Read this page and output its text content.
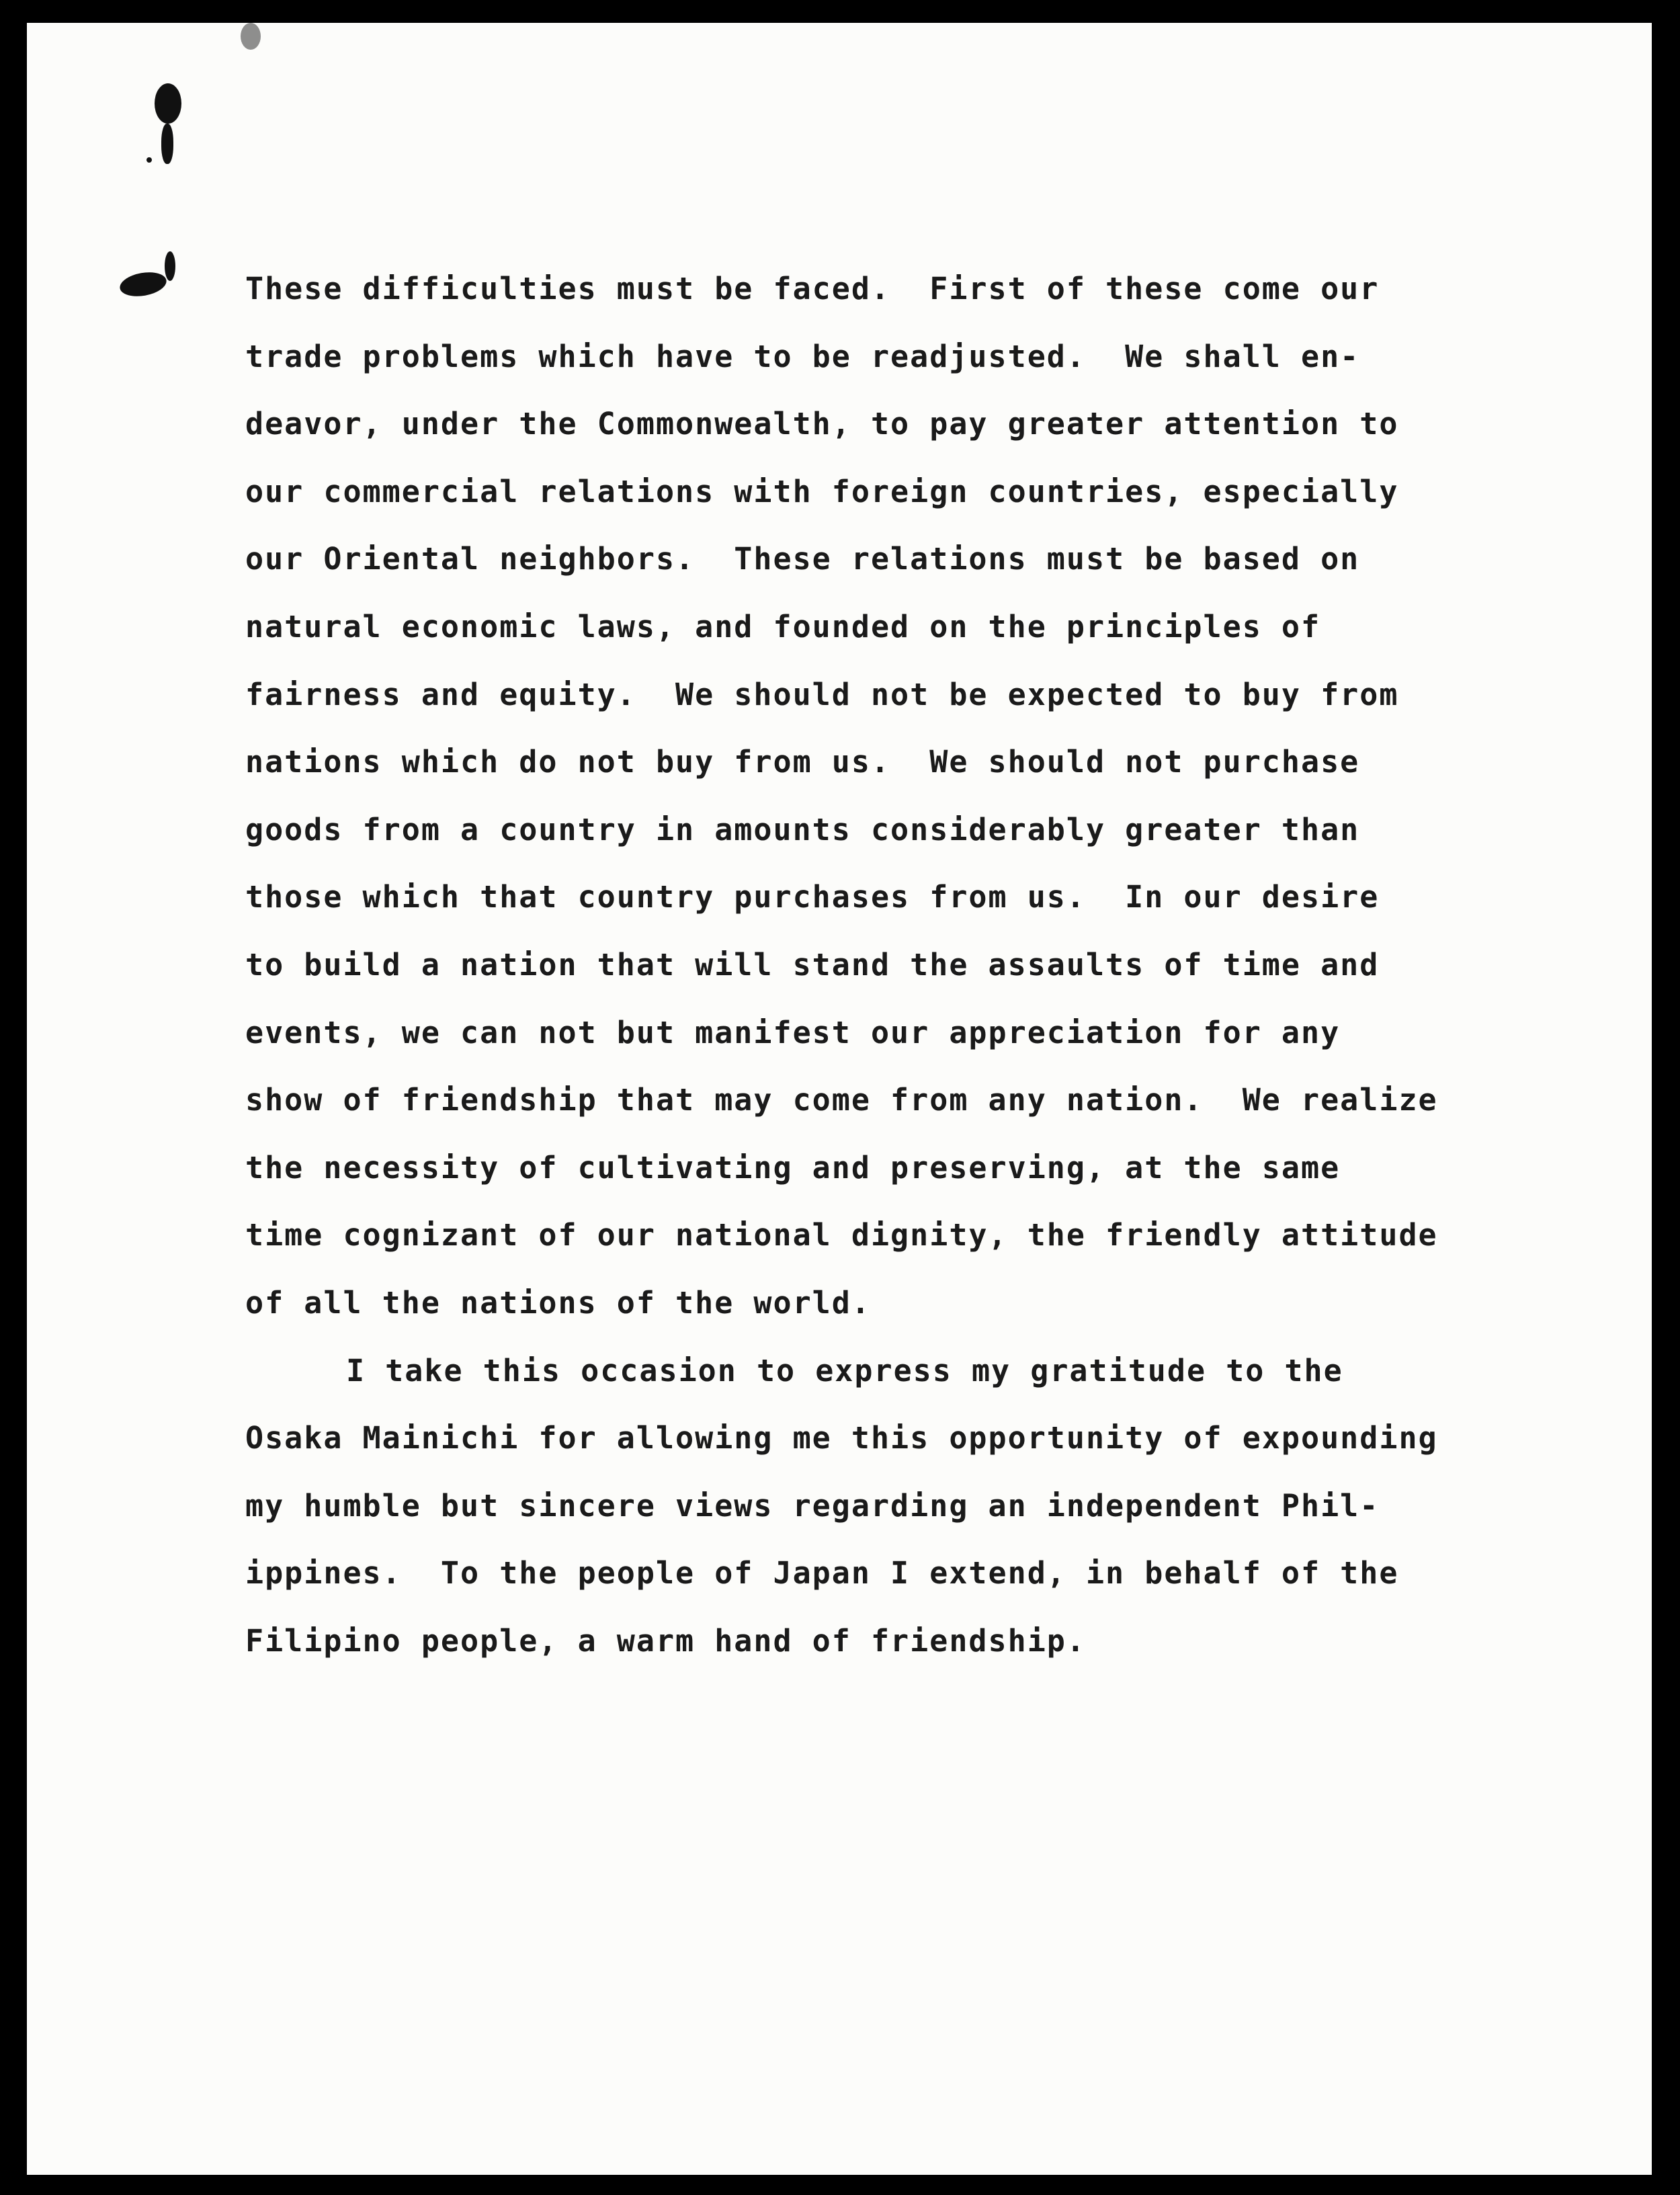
These difficulties must be faced.  First of these come our
trade problems which have to be readjusted.  We shall en-
deavor, under the Commonwealth, to pay greater attention to
our commercial relations with foreign countries, especially
our Oriental neighbors.  These relations must be based on
natural economic laws, and founded on the principles of
fairness and equity.  We should not be expected to buy from
nations which do not buy from us.  We should not purchase
goods from a country in amounts considerably greater than
those which that country purchases from us.  In our desire
to build a nation that will stand the assaults of time and
events, we can not but manifest our appreciation for any
show of friendship that may come from any nation.  We realize
the necessity of cultivating and preserving, at the same
time cognizant of our national dignity, the friendly attitude
of all the nations of the world.
I take this occasion to express my gratitude to the
Osaka Mainichi for allowing me this opportunity of expounding
my humble but sincere views regarding an independent Phil-
ippines.  To the people of Japan I extend, in behalf of the
Filipino people, a warm hand of friendship.
